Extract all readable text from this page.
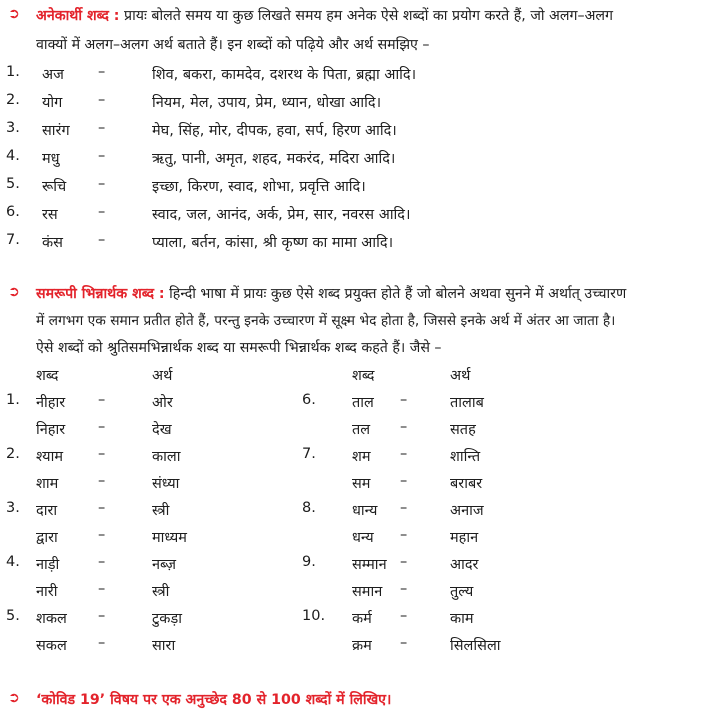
➲ अनेकार्थी शब्द : प्रायः बोलते समय या कुछ लिखते समय हम अनेक ऐसे शब्दों का प्रयोग करते हैं, जो अलग–अलग
वाक्यों में अलग–अलग अर्थ बताते हैं। इन शब्दों को पढ़िये और अर्थ समझिए –
1. अज –	शिव, बकरा, कामदेव, दशरथ के पिता, ब्रह्मा आदि।
2. योग –	नियम, मेल, उपाय, प्रेम, ध्यान, धोखा आदि।
3. सारंग –	मेघ, सिंह, मोर, दीपक, हवा, सर्प, हिरण आदि।
4. मधु	–	ऋतु, पानी, अमृत, शहद, मकरंद, मदिरा आदि।
5. रूचि –	इच्छा, किरण, स्वाद, शोभा, प्रवृत्ति आदि।
6. रस	–	स्वाद, जल, आनंद, अर्क, प्रेम, सार, नवरस आदि।
7. कंस –	प्याला, बर्तन, कांसा, श्री कृष्ण का मामा आदि।
➲ समरूपी भिन्नार्थक शब्द : हिन्दी भाषा में प्रायः कुछ ऐसे शब्द प्रयुक्त होते हैं जो बोलने अथवा सुनने में अर्थात् उच्चारण
में लगभग एक समान प्रतीत होते हैं, परन्तु इनके उच्चारण में सूक्ष्म भेद होता है, जिससे इनके अर्थ में अंतर आ जाता है।
ऐसे शब्दों को श्रुतिसमभिन्नार्थक शब्द या समरूपी भिन्नार्थक शब्द कहते हैं। जैसे –
शब्द	अर्थ	शब्द	अर्थ
1. नीहार –	ओर
निहार –	देख
2. श्याम –	काला
शाम	–	संध्या
3. दारा	–	स्त्री
द्वारा	–	माध्यम
4. नाड़ी	–	नब्ज़
नारी	–	स्त्री
5. शकल –	टुकड़ा
सकल –	सारा
6. ताल –	तालाब
तल –	सतह
7. शम –	शान्ति
सम –	बराबर
8. धान्य –	अनाज
धन्य –	महान
9. सम्मान –	आदर
समान –	तुल्य
10. कर्म –	काम
क्रम –	सिलसिला
➲ ‘कोविड 19’ विषय पर एक अनुच्छेद 80 से 100 शब्दों में लिखिए।
